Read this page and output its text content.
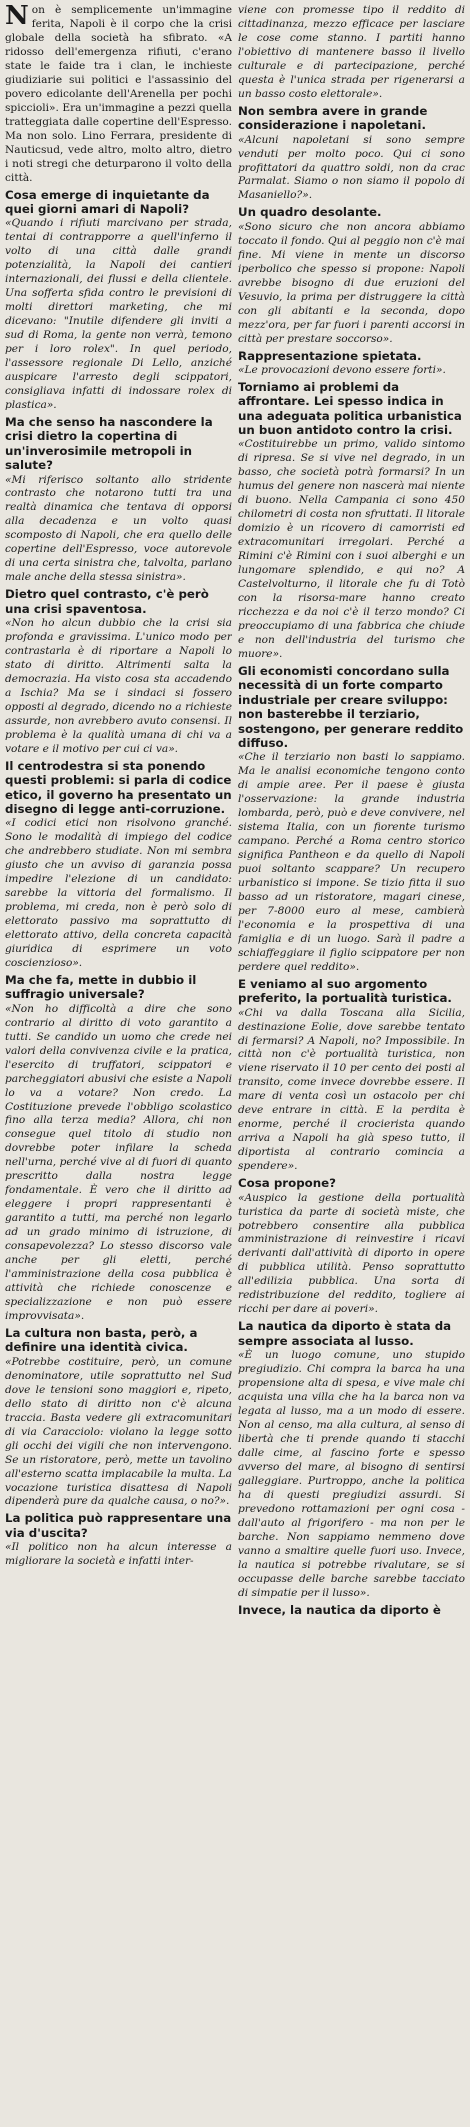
Non è semplicemente un'immagine ferita, Napoli è il corpo che la crisi globale della società ha sfibrato. «A ridosso dell'emergenza rifiuti, c'erano state le faide tra i clan, le inchieste giudiziarie sui politici e l'assassinio del povero edicolante dell'Arenella per pochi spiccioli». Era un'immagine a pezzi quella tratteggiata dalle copertine dell'Espresso. Ma non solo. Lino Ferrara, presidente di Nauticsud, vede altro, molto altro, dietro i noti stregi che deturparono il volto della città.

Cosa emerge di inquietante da quei giorni amari di Napoli?

«Quando i rifiuti marcivano per strada, tentai di contrapporre a quell'inferno il volto di una città dalle grandi potenzialità, la Napoli dei cantieri internazionali, dei flussi e della clientele. Una sofferta sfida contro le previsioni di molti direttori marketing, che mi dicevano: "Inutile difendere gli inviti a sud di Roma, la gente non verrà, temono per i loro rolex". In quel periodo, l'assessore regionale Di Lello, anziché auspicare l'arresto degli scippatori, consigliava infatti di indossare rolex di plastica».

Ma che senso ha nascondere la crisi dietro la copertina di un'inverosimile metropoli in salute?

«Mi riferisco soltanto allo stridente contrasto che notarono tutti tra una realtà dinamica che tentava di opporsi alla decadenza e un volto quasi scomposto di Napoli, che era quello delle copertine dell'Espresso, voce autorevole di una certa sinistra che, talvolta, parlano male anche della stessa sinistra».

Dietro quel contrasto, c'è però una crisi spaventosa.

«Non ho alcun dubbio che la crisi sia profonda e gravissima. L'unico modo per contrastarla è di riportare a Napoli lo stato di diritto. Altrimenti salta la democrazia. Ha visto cosa sta accadendo a Ischia? Ma se i sindaci si fossero opposti al degrado, dicendo no a richieste assurde, non avrebbero avuto consensi. Il problema è la qualità umana di chi va a votare e il motivo per cui ci va».

Il centrodestra si sta ponendo questi problemi: si parla di codice etico, il governo ha presentato un disegno di legge anti-corruzione.

«I codici etici non risolvono granché. Sono le modalità di impiego del codice che andrebbero studiate. Non mi sembra giusto che un avviso di garanzia possa impedire l'elezione di un candidato: sarebbe la vittoria del formalismo. Il problema, mi creda, non è però solo di elettorato passivo ma soprattutto di elettorato attivo, della concreta capacità giuridica di esprimere un voto coscienzioso».

Ma che fa, mette in dubbio il suffragio universale?

«Non ho difficoltà a dire che sono contrario al diritto di voto garantito a tutti. Se candido un uomo che crede nei valori della convivenza civile e la pratica, l'esercito di truffatori, scippatori e parcheggiatori abusivi che esiste a Napoli lo va a votare? Non credo. La Costituzione prevede l'obbligo scolastico fino alla terza media? Allora, chi non consegue quel titolo di studio non dovrebbe poter infilare la scheda nell'urna, perché vive al di fuori di quanto prescritto dalla nostra legge fondamentale. È vero che il diritto ad eleggere i propri rappresentanti è garantito a tutti, ma perché non legarlo ad un grado minimo di istruzione, di consapevolezza? Lo stesso discorso vale anche per gli eletti, perché l'amministrazione della cosa pubblica è attività che richiede conoscenze e specializzazione e non può essere improvvisata».

La cultura non basta, però, a definire una identità civica.

«Potrebbe costituire, però, un comune denominatore, utile soprattutto nel Sud dove le tensioni sono maggiori e, ripeto, dello stato di diritto non c'è alcuna traccia. Basta vedere gli extracomunitari di via Caracciolo: violano la legge sotto gli occhi dei vigili che non intervengono. Se un ristoratore, però, mette un tavolino all'esterno scatta implacabile la multa. La vocazione turistica disattesa di Napoli dipenderà pure da qualche causa, o no?».

La politica può rappresentare una via d'uscita?

«Il politico non ha alcun interesse a migliorare la società e infatti inter-

viene con promesse tipo il reddito di cittadinanza, mezzo efficace per lasciare le cose come stanno. I partiti hanno l'obiettivo di mantenere basso il livello culturale e di partecipazione, perché questa è l'unica strada per rigenerarsi a un basso costo elettorale».

Non sembra avere in grande considerazione i napoletani.

«Alcuni napoletani si sono sempre venduti per molto poco. Qui ci sono profittatori da quattro soldi, non da crac Parmalat. Siamo o non siamo il popolo di Masaniello?».

Un quadro desolante.

«Sono sicuro che non ancora abbiamo toccato il fondo. Qui al peggio non c'è mai fine. Mi viene in mente un discorso iperbolico che spesso si propone: Napoli avrebbe bisogno di due eruzioni del Vesuvio, la prima per distruggere la città con gli abitanti e la seconda, dopo mezz'ora, per far fuori i parenti accorsi in città per prestare soccorso».

Rappresentazione spietata.

«Le provocazioni devono essere forti».

Torniamo ai problemi da affrontare. Lei spesso indica in una adeguata politica urbanistica un buon antidoto contro la crisi.

«Costituirebbe un primo, valido sintomo di ripresa. Se si vive nel degrado, in un basso, che società potrà formarsi? In un humus del genere non nascerà mai niente di buono. Nella Campania ci sono 450 chilometri di costa non sfruttati. Il litorale domizio è un ricovero di camorristi ed extracomunitari irregolari. Perché a Rimini c'è Rimini con i suoi alberghi e un lungomare splendido, e qui no? A Castelvolturno, il litorale che fu di Totò con la risorsa-mare hanno creato ricchezza e da noi c'è il terzo mondo? Ci preoccupiamo di una fabbrica che chiude e non dell'industria del turismo che muore».

Gli economisti concordano sulla necessità di un forte comparto industriale per creare sviluppo: non basterebbe il terziario, sostengono, per generare reddito diffuso.

«Che il terziario non basti lo sappiamo. Ma le analisi economiche tengono conto di ampie aree. Per il paese è giusta l'osservazione: la grande industria lombarda, però, può e deve convivere, nel sistema Italia, con un fiorente turismo campano. Perché a Roma centro storico significa Pantheon e da quello di Napoli puoi soltanto scappare? Un recupero urbanistico si impone. Se tizio fitta il suo basso ad un ristoratore, magari cinese, per 7-8000 euro al mese, cambierà l'economia e la prospettiva di una famiglia e di un luogo. Sarà il padre a schiaffeggiare il figlio scippatore per non perdere quel reddito».

E veniamo al suo argomento preferito, la portualità turistica.

«Chi va dalla Toscana alla Sicilia, destinazione Eolie, dove sarebbe tentato di fermarsi? A Napoli, no? Impossibile. In città non c'è portualità turistica, non viene riservato il 10 per cento dei posti al transito, come invece dovrebbe essere. Il mare di venta così un ostacolo per chi deve entrare in città. E la perdita è enorme, perché il crocierista quando arriva a Napoli ha già speso tutto, il diportista al contrario comincia a spendere».

Cosa propone?

«Auspico la gestione della portualità turistica da parte di società miste, che potrebbero consentire alla pubblica amministrazione di reinvestire i ricavi derivanti dall'attività di diporto in opere di pubblica utilità. Penso soprattutto all'edilizia pubblica. Una sorta di redistribuzione del reddito, togliere ai ricchi per dare ai poveri».

La nautica da diporto è stata da sempre associata al lusso.

«È un luogo comune, uno stupido pregiudizio. Chi compra la barca ha una propensione alta di spesa, e vive male chi acquista una villa che ha la barca non va legata al lusso, ma a un modo di essere. Non al censo, ma alla cultura, al senso di libertà che ti prende quando ti stacchi dalle cime, al fascino forte e spesso avverso del mare, al bisogno di sentirsi galleggiare. Purtroppo, anche la politica ha di questi pregiudizi assurdi. Si prevedono rottamazioni per ogni cosa - dall'auto al frigorifero - ma non per le barche. Non sappiamo nemmeno dove vanno a smaltire quelle fuori uso. Invece, la nautica si potrebbe rivalutare, se si occupasse delle barche sarebbe tacciato di simpatie per il lusso».

Invece, la nautica da diporto è
